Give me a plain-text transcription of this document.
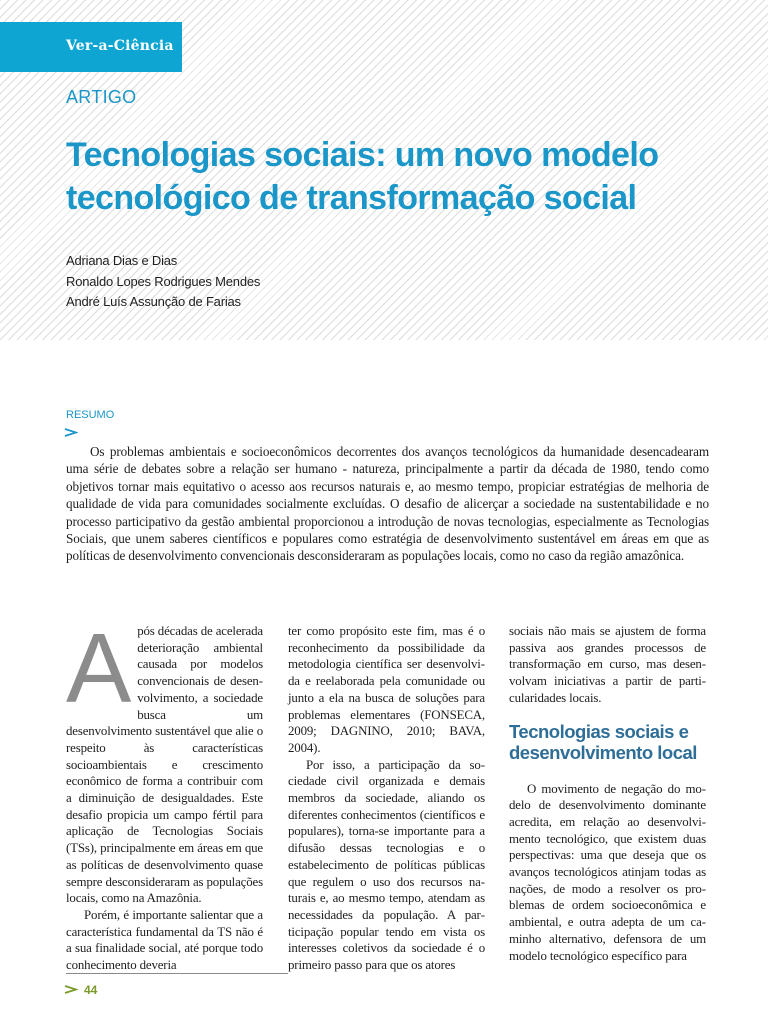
Ver-a-Ciência
ARTIGO
Tecnologias sociais: um novo modelo tecnológico de transformação social
Adriana Dias e Dias
Ronaldo Lopes Rodrigues Mendes
André Luís Assunção de Farias
RESUMO

Os problemas ambientais e socioeconômicos decorrentes dos avanços tecnológicos da humanidade desencadearam uma série de debates sobre a relação ser humano - natureza, principalmente a partir da década de 1980, tendo como objetivos tornar mais equitativo o acesso aos recursos naturais e, ao mesmo tempo, propiciar estratégias de melhoria de qualidade de vida para comunidades socialmente excluídas. O desafio de alicerçar a sociedade na sustentabilidade e no processo participativo da gestão ambiental proporcionou a introdução de novas tecnologias, especialmente as Tecnologias Sociais, que unem saberes científicos e populares como estratégia de desenvolvimento sustentável em áreas em que as políticas de desenvolvimento convencionais desconsideraram as populações locais, como no caso da região amazônica.

A pós décadas de acelerada deterioração ambiental causada por modelos convencionais de desenvolvimento, a sociedade busca um desenvolvimento sustentável que alie o respeito às características socioambientais e crescimento econômico de forma a contribuir com a diminuição de desigualdades. Este desafio propicia um campo fértil para aplicação de Tecnologias Sociais (TSs), principalmente em áreas em que as políticas de desenvolvimento quase sempre desconsideraram as populações locais, como na Amazônia.

Porém, é importante salientar que a característica fundamental da TS não é a sua finalidade social, até porque todo conhecimento deveria

ter como propósito este fim, mas é o reconhecimento da possibilidade da metodologia científica ser desenvolvida e reelaborada pela comunidade ou junto a ela na busca de soluções para problemas elementares (FONSECA, 2009; DAGNINO, 2010; BAVA, 2004).

Por isso, a participação da sociedade civil organizada e demais membros da sociedade, aliando os diferentes conhecimentos (científicos e populares), torna-se importante para a difusão dessas tecnologias e o estabelecimento de políticas públicas que regulem o uso dos recursos naturais e, ao mesmo tempo, atendam as necessidades da população. A participação popular tendo em vista os interesses coletivos da sociedade é o primeiro passo para que os atores

sociais não mais se ajustem de forma passiva aos grandes processos de transformação em curso, mas desenvolvam iniciativas a partir de particularidades locais.

Tecnologias sociais e desenvolvimento local

O movimento de negação do modelo de desenvolvimento dominante acredita, em relação ao desenvolvimento tecnológico, que existem duas perspectivas: uma que deseja que os avanços tecnológicos atinjam todas as nações, de modo a resolver os problemas de ordem socioeconômica e ambiental, e outra adepta de um caminho alternativo, defensora de um modelo tecnológico específico para

44
